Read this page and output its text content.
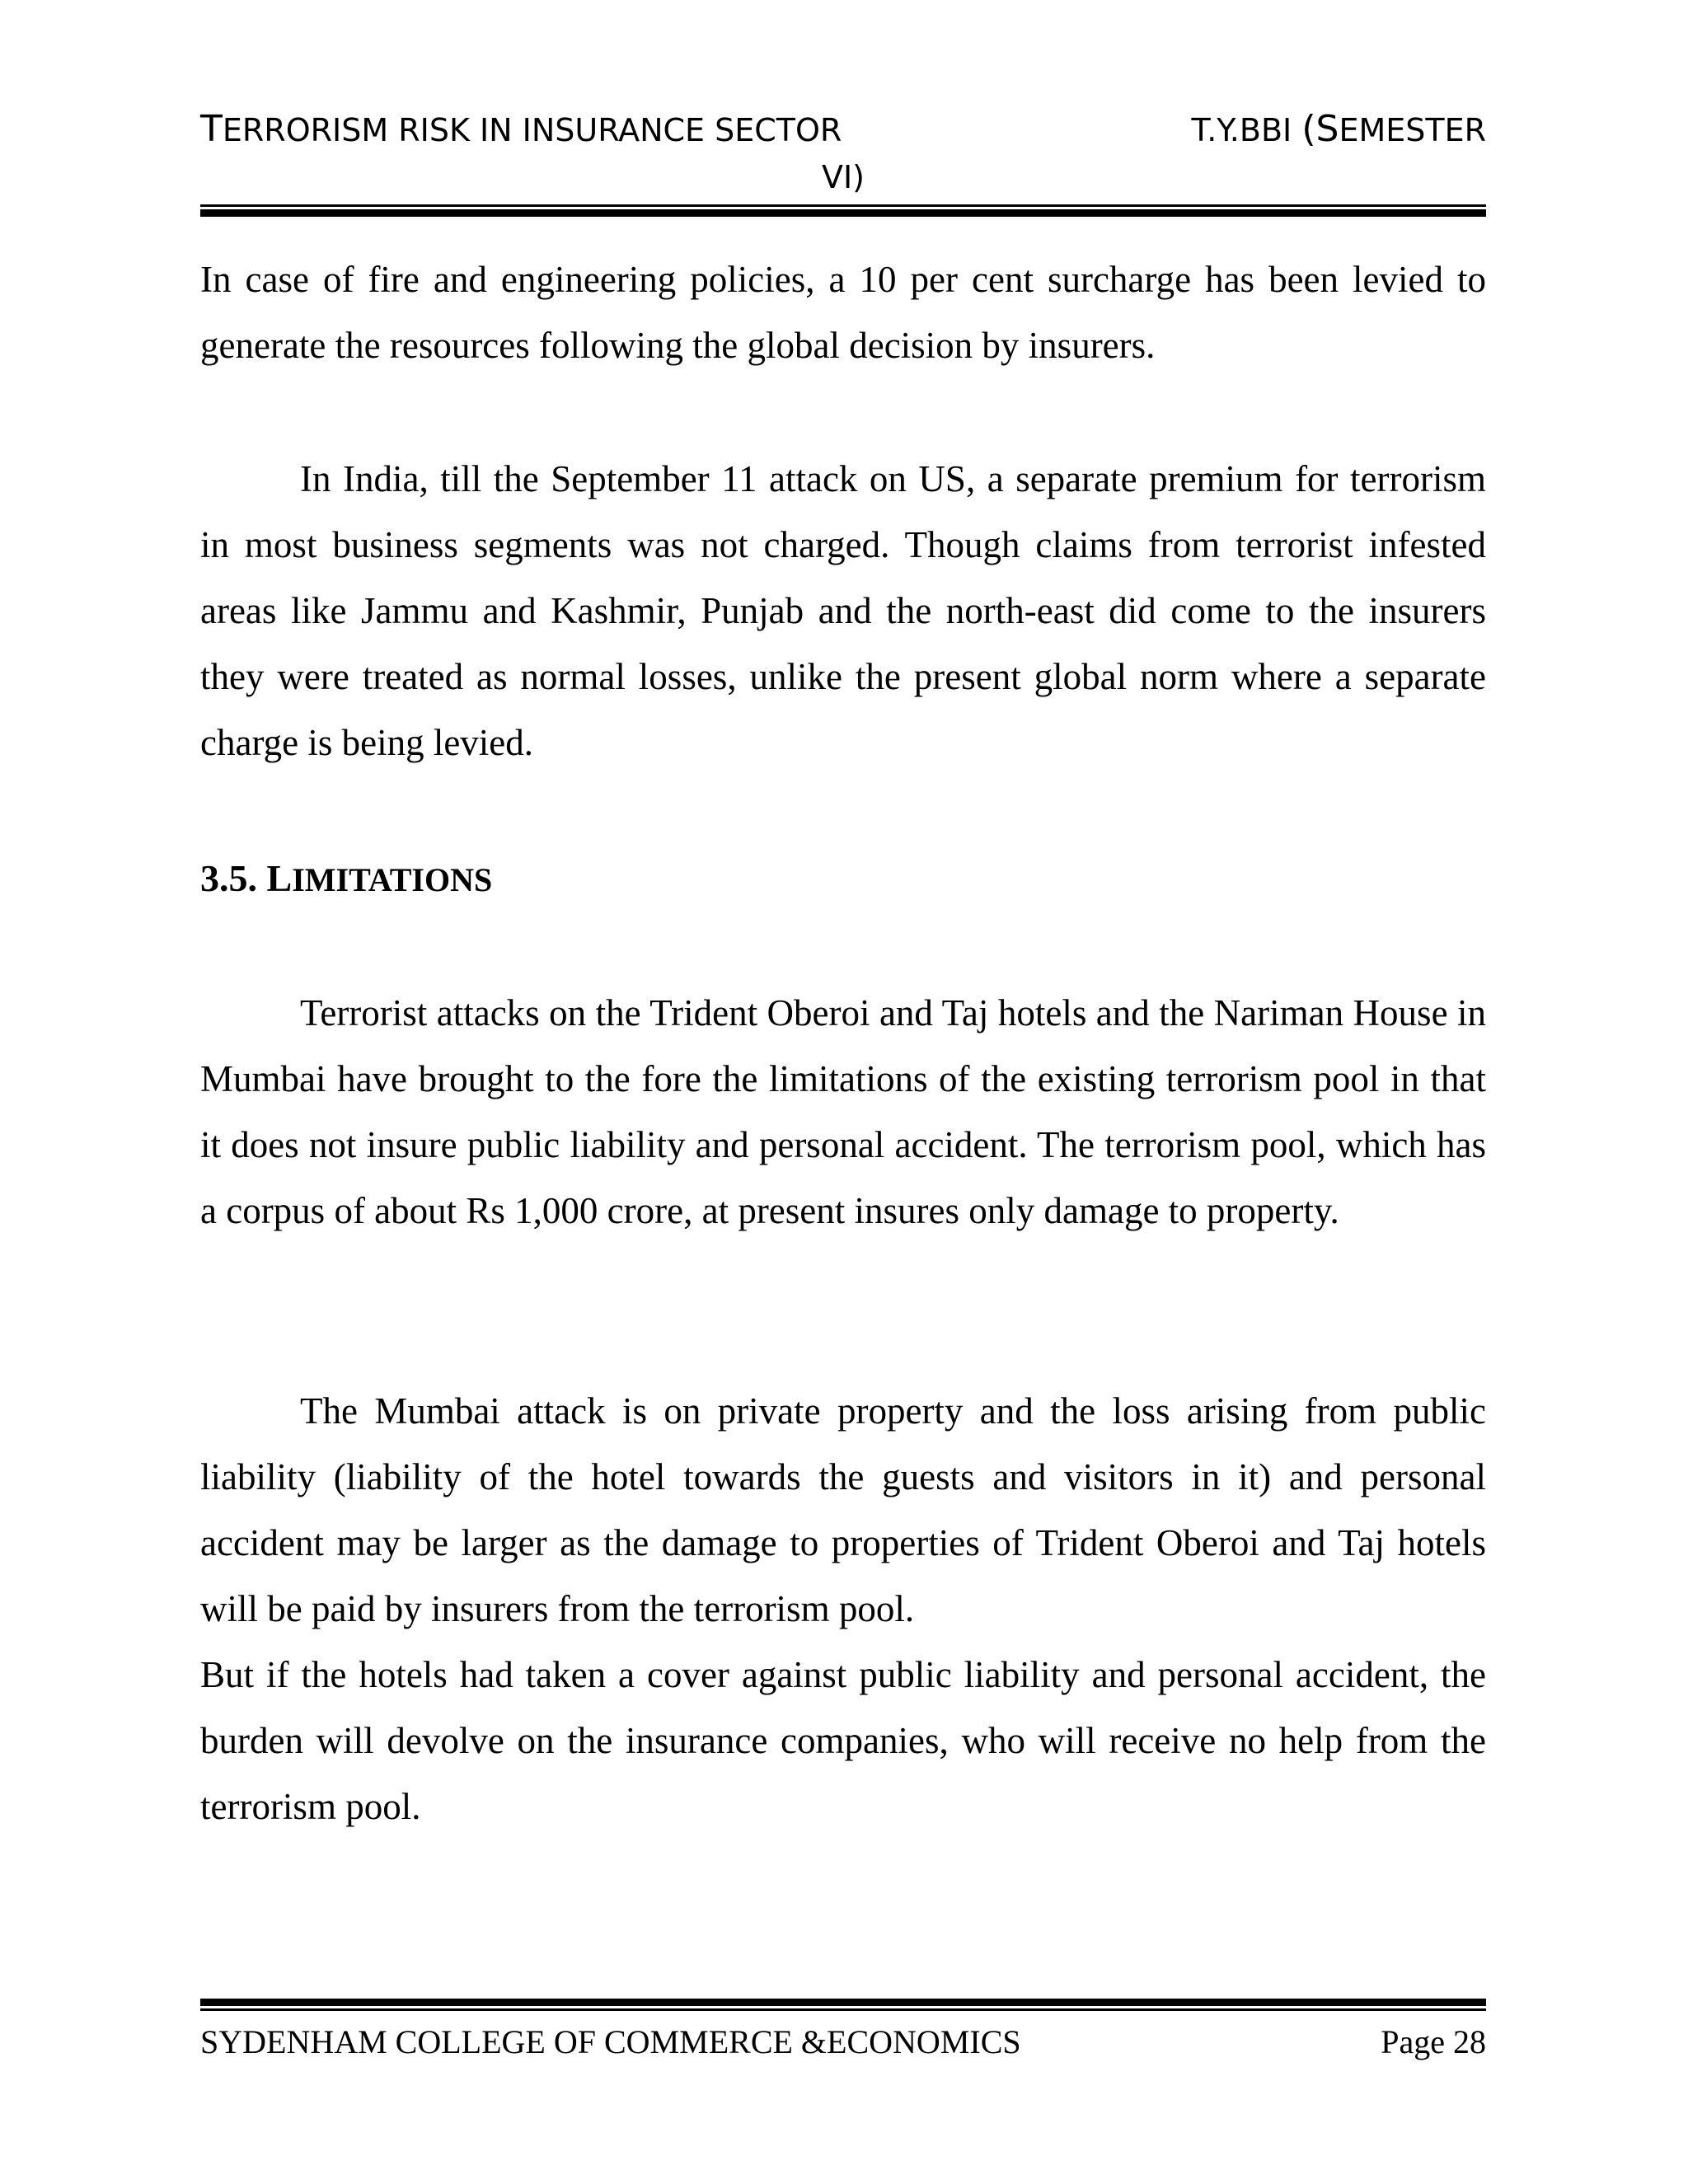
TERRORISM RISK IN INSURANCE SECTOR	T.Y.BBI (SEMESTER
VI)

In case of fire and engineering policies, a 10 per cent surcharge has been levied to generate the resources following the global decision by insurers.

In India, till the September 11 attack on US, a separate premium for terrorism in most business segments was not charged. Though claims from terrorist infested areas like Jammu and Kashmir, Punjab and the north-east did come to the insurers they were treated as normal losses, unlike the present global norm where a separate charge is being levied.

3.5. LIMITATIONS

Terrorist attacks on the Trident Oberoi and Taj hotels and the Nariman House in Mumbai have brought to the fore the limitations of the existing terrorism pool in that it does not insure public liability and personal accident. The terrorism pool, which has a corpus of about Rs 1,000 crore, at present insures only damage to property.

The Mumbai attack is on private property and the loss arising from public liability (liability of the hotel towards the guests and visitors in it) and personal accident may be larger as the damage to properties of Trident Oberoi and Taj hotels will be paid by insurers from the terrorism pool.

But if the hotels had taken a cover against public liability and personal accident, the burden will devolve on the insurance companies, who will receive no help from the terrorism pool.

SYDENHAM COLLEGE OF COMMERCE &ECONOMICS	Page 28
